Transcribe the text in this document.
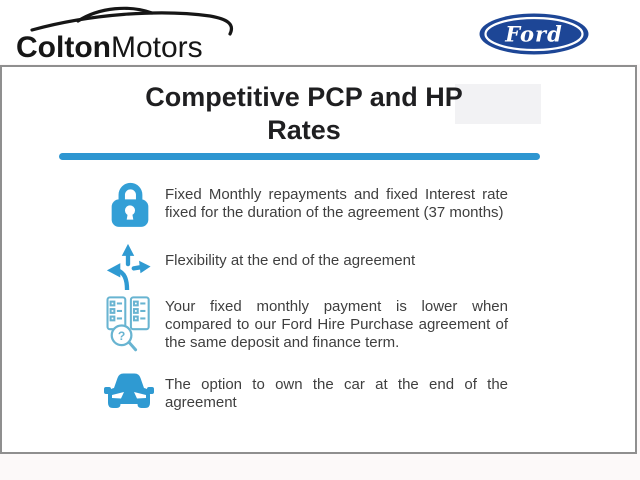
ColtonMotors	Ford
Competitive PCP and HP
Rates
Fixed Monthly repayments and fixed Interest rate
fixed for the duration of the agreement (37 months)
Flexibility at the end of the agreement
?
Your fixed monthly payment is lower when
compared to our Ford Hire Purchase agreement of
the same deposit and finance term.
The option to own the car at the end of the
agreement
